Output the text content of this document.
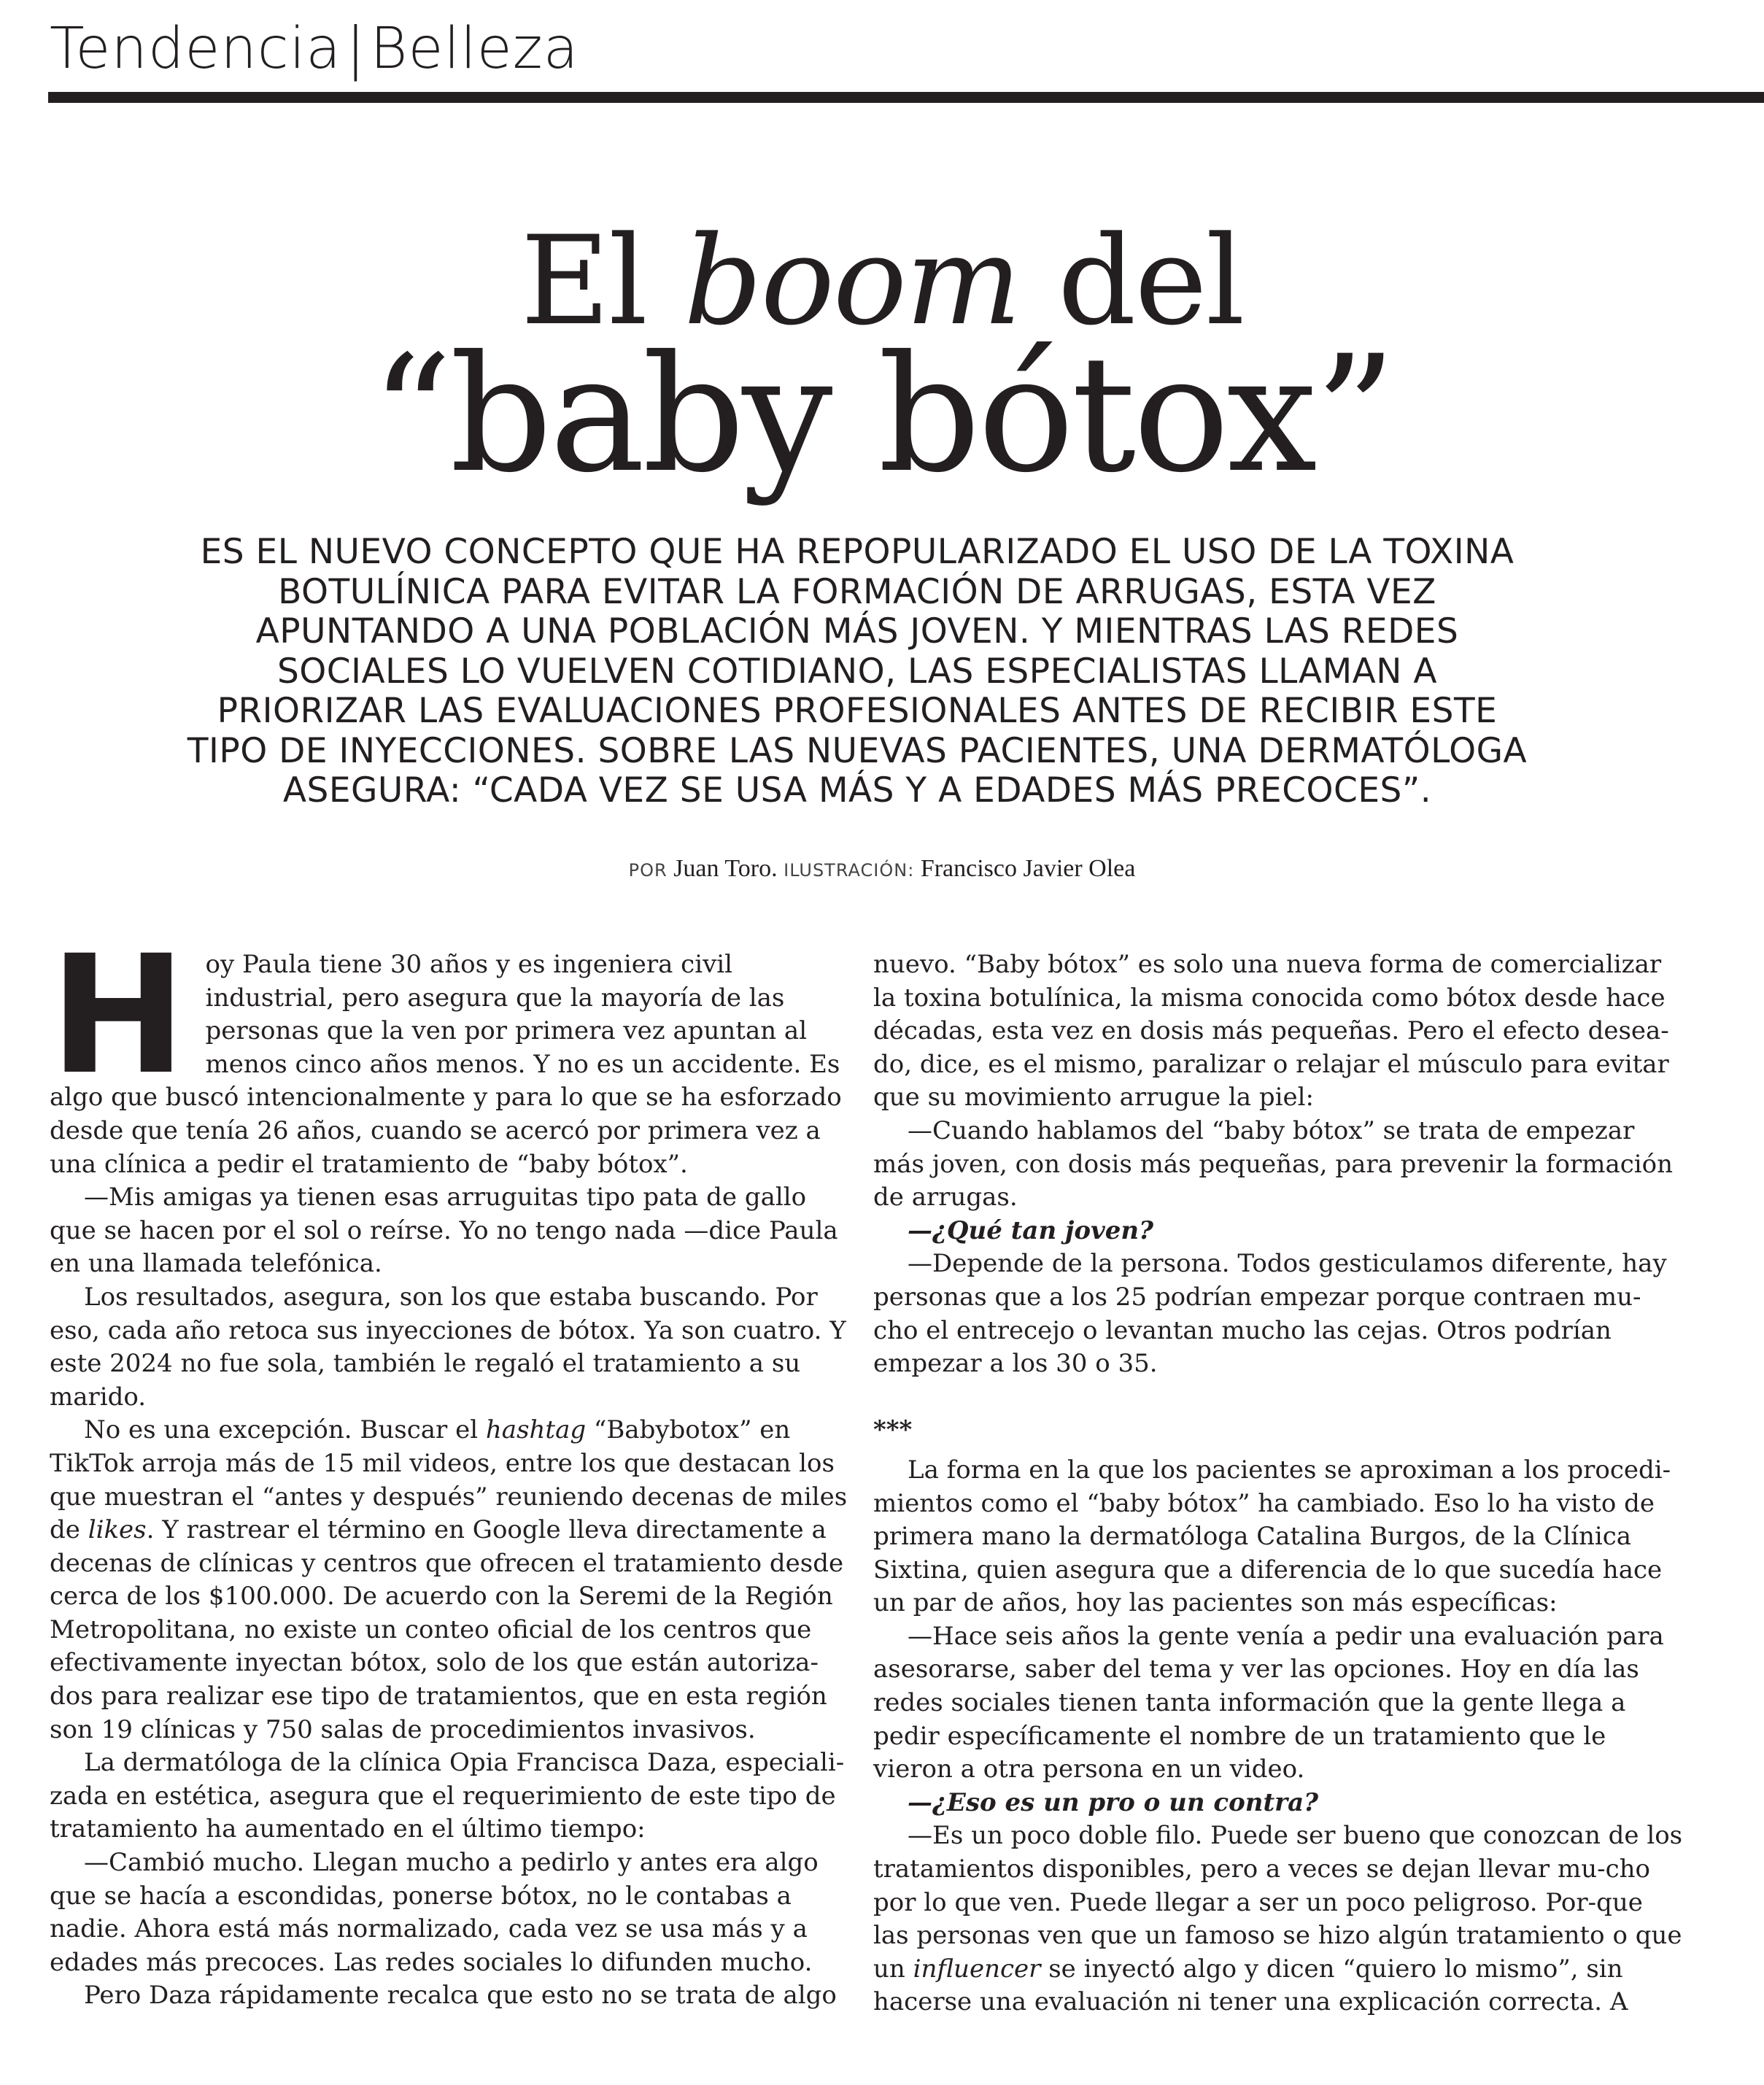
Tendencia|Belleza
El boom del
“baby bótox”
ES EL NUEVO CONCEPTO QUE HA REPOPULARIZADO EL USO DE LA TOXINA
BOTULÍNICA PARA EVITAR LA FORMACIÓN DE ARRUGAS, ESTA VEZ
APUNTANDO A UNA POBLACIÓN MÁS JOVEN. Y MIENTRAS LAS REDES
SOCIALES LO VUELVEN COTIDIANO, LAS ESPECIALISTAS LLAMAN A
PRIORIZAR LAS EVALUACIONES PROFESIONALES ANTES DE RECIBIR ESTE
TIPO DE INYECCIONES. SOBRE LAS NUEVAS PACIENTES, UNA DERMATÓLOGA
ASEGURA: “CADA VEZ SE USA MÁS Y A EDADES MÁS PRECOCES”.
POR Juan Toro. ILUSTRACIÓN: Francisco Javier Olea

Hoy Paula tiene 30 años y es ingeniera civil industrial, pero asegura que la mayoría de las personas que la ven por primera vez apuntan al menos cinco años menos. Y no es un accidente. Es algo que buscó intencionalmente y para lo que se ha esforzado desde que tenía 26 años, cuando se acercó por primera vez a una clínica a pedir el tratamiento de “baby bótox”.

—Mis amigas ya tienen esas arruguitas tipo pata de gallo que se hacen por el sol o reírse. Yo no tengo nada —dice Paula en una llamada telefónica.

Los resultados, asegura, son los que estaba buscando. Por eso, cada año retoca sus inyecciones de bótox. Ya son cuatro. Y este 2024 no fue sola, también le regaló el tratamiento a su marido.

No es una excepción. Buscar el hashtag “Babybotox” en TikTok arroja más de 15 mil videos, entre los que destacan los que muestran el “antes y después” reuniendo decenas de miles de likes. Y rastrear el término en Google lleva directamente a decenas de clínicas y centros que ofrecen el tratamiento desde cerca de los $100.000. De acuerdo con la Seremi de la Región Metropolitana, no existe un conteo oficial de los centros que efectivamente inyectan bótox, solo de los que están autoriza-dos para realizar ese tipo de tratamientos, que en esta región son 19 clínicas y 750 salas de procedimientos invasivos.

La dermatóloga de la clínica Opia Francisca Daza, especiali-zada en estética, asegura que el requerimiento de este tipo de tratamiento ha aumentado en el último tiempo:

—Cambió mucho. Llegan mucho a pedirlo y antes era algo que se hacía a escondidas, ponerse bótox, no le contabas a nadie. Ahora está más normalizado, cada vez se usa más y a edades más precoces. Las redes sociales lo difunden mucho.

Pero Daza rápidamente recalca que esto no se trata de algo

nuevo. “Baby bótox” es solo una nueva forma de comercializar la toxina botulínica, la misma conocida como bótox desde hace décadas, esta vez en dosis más pequeñas. Pero el efecto desea-do, dice, es el mismo, paralizar o relajar el músculo para evitar que su movimiento arrugue la piel:

—Cuando hablamos del “baby bótox” se trata de empezar más joven, con dosis más pequeñas, para prevenir la formación de arrugas.

—¿Qué tan joven?

—Depende de la persona. Todos gesticulamos diferente, hay personas que a los 25 podrían empezar porque contraen mu-cho el entrecejo o levantan mucho las cejas. Otros podrían empezar a los 30 o 35.

***

La forma en la que los pacientes se aproximan a los procedi-mientos como el “baby bótox” ha cambiado. Eso lo ha visto de primera mano la dermatóloga Catalina Burgos, de la Clínica Sixtina, quien asegura que a diferencia de lo que sucedía hace un par de años, hoy las pacientes son más específicas:

—Hace seis años la gente venía a pedir una evaluación para asesorarse, saber del tema y ver las opciones. Hoy en día las redes sociales tienen tanta información que la gente llega a pedir específicamente el nombre de un tratamiento que le vieron a otra persona en un video.

—¿Eso es un pro o un contra?

—Es un poco doble filo. Puede ser bueno que conozcan de los tratamientos disponibles, pero a veces se dejan llevar mu-cho por lo que ven. Puede llegar a ser un poco peligroso. Por-que las personas ven que un famoso se hizo algún tratamiento o que un influencer se inyectó algo y dicen “quiero lo mismo”, sin hacerse una evaluación ni tener una explicación correcta. A
